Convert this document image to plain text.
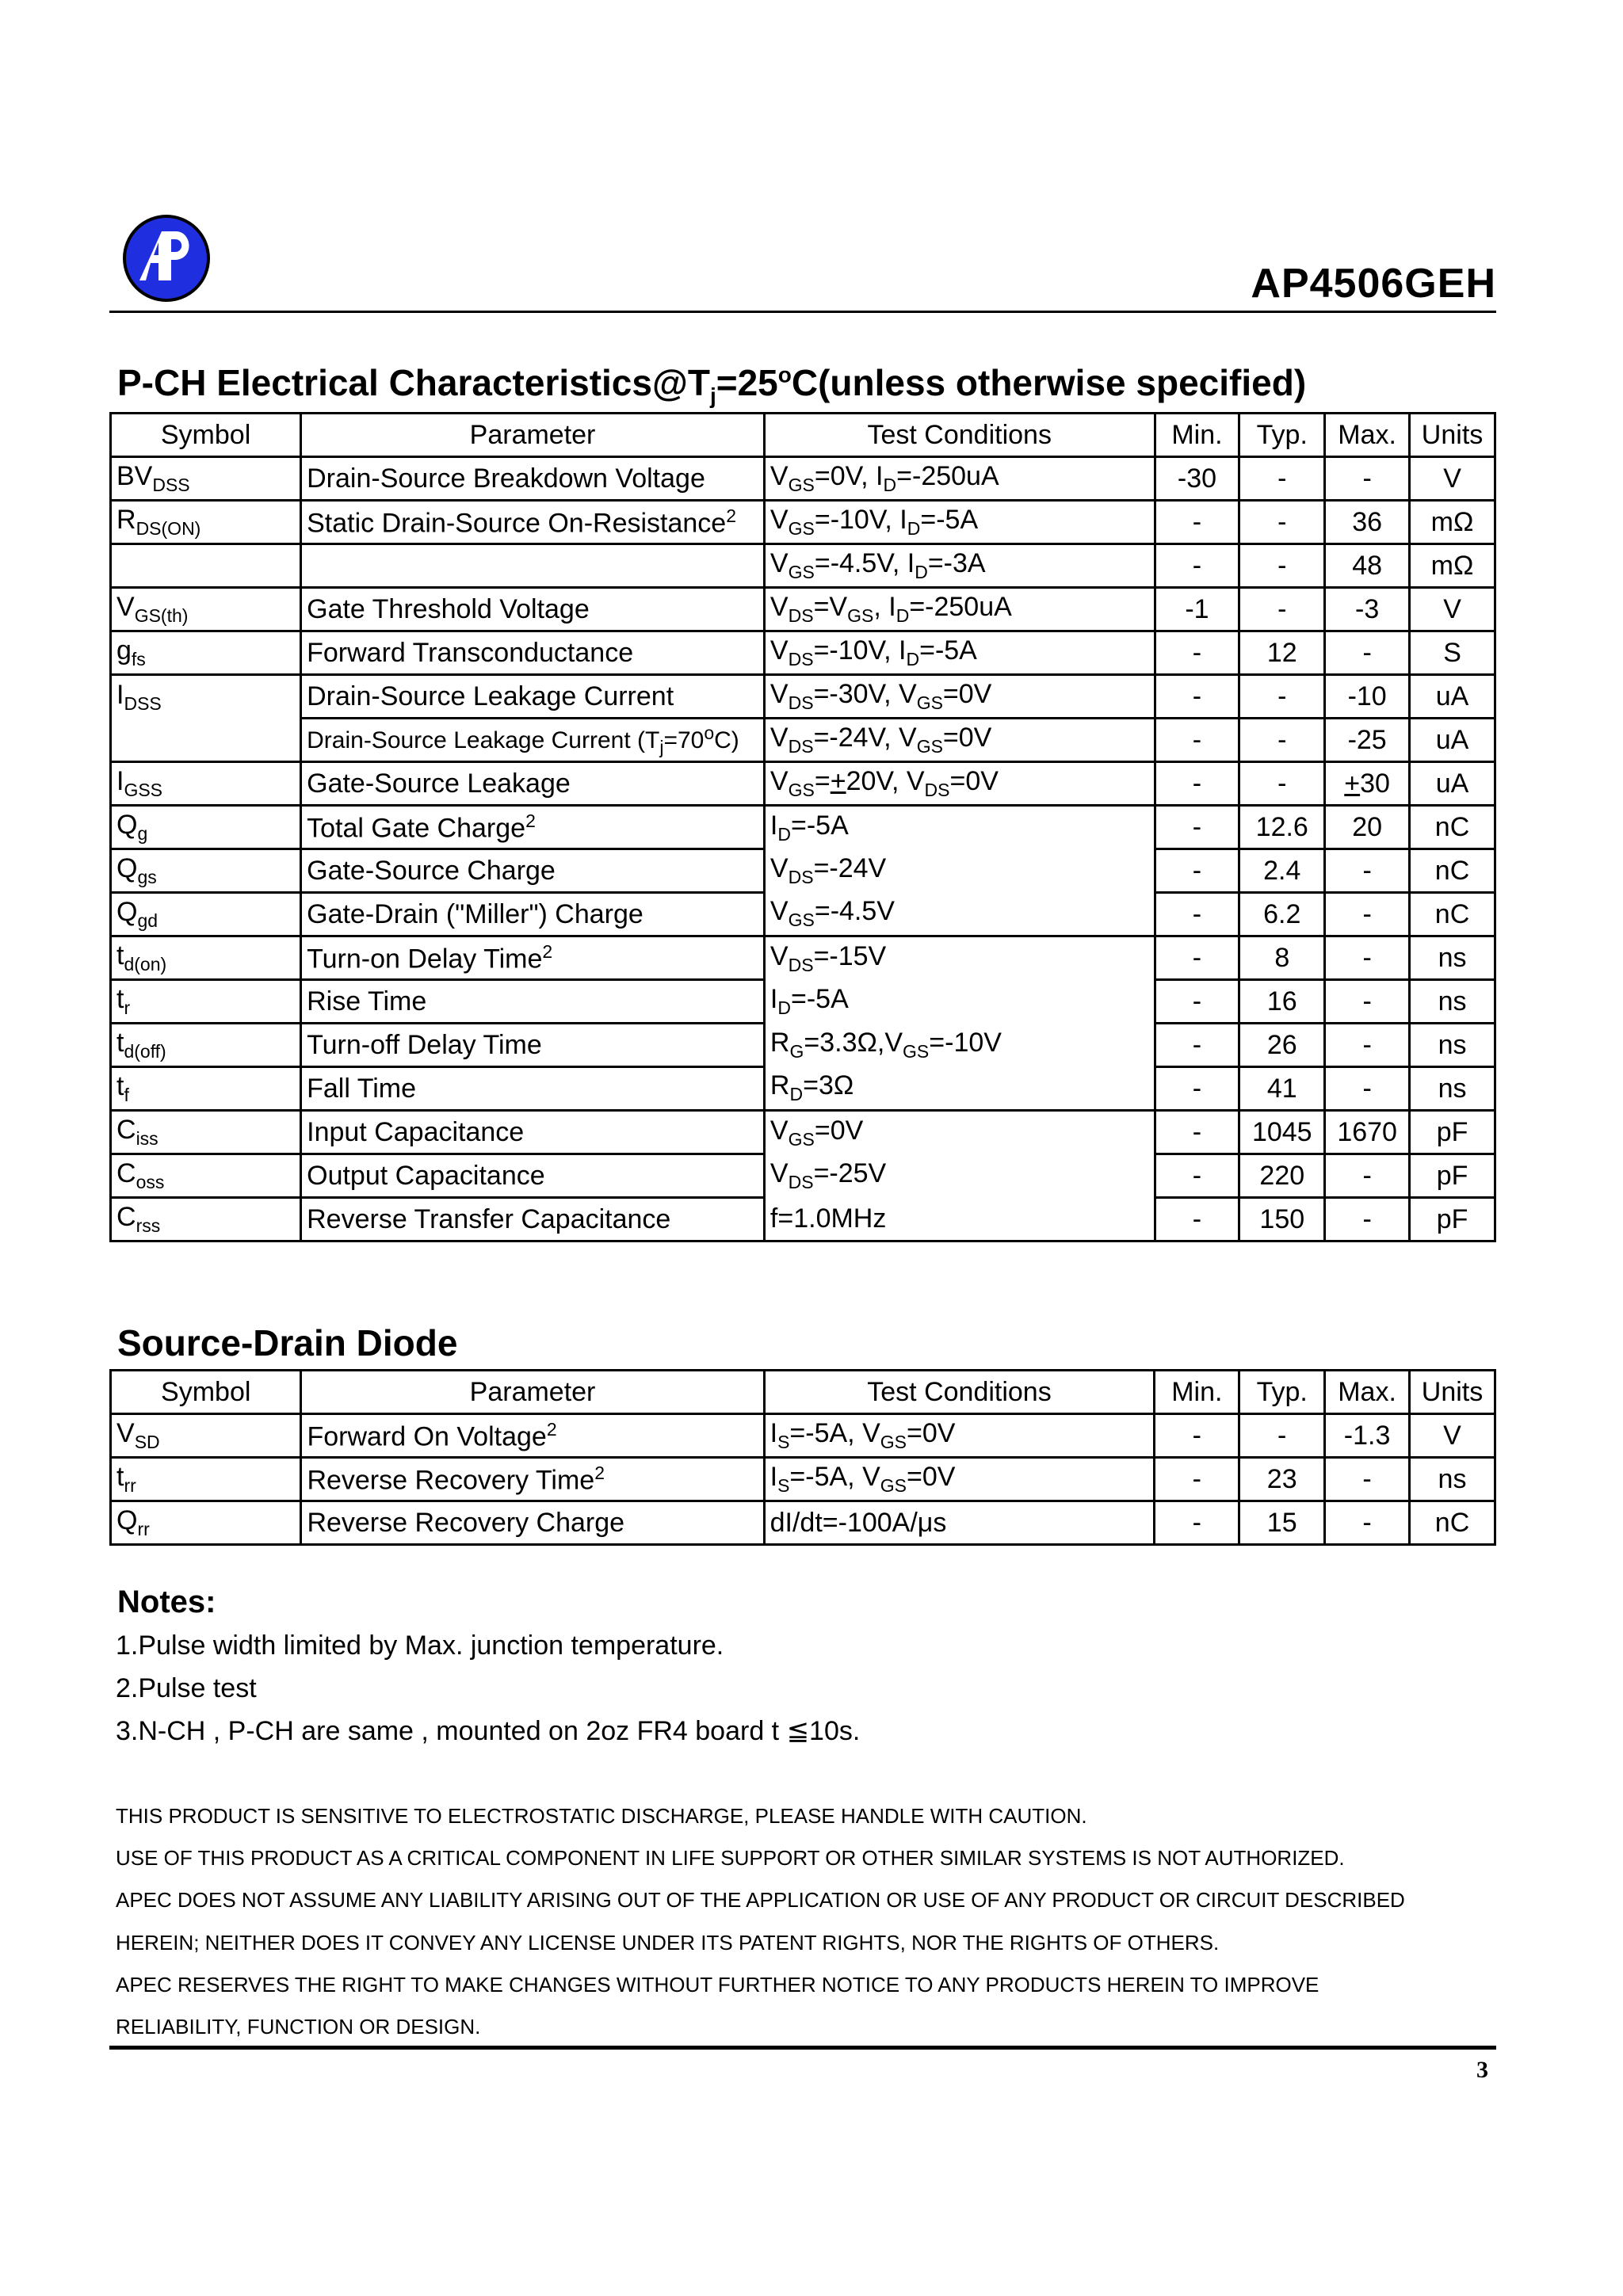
AP4506GEH
P-CH Electrical $Characteristics@T_j=25^oC(unless$ otherwise specified)
Symbol	Parameter	Test Conditions	Min.	Typ.	Max.	Units
$BV_{DSS}$	Drain-Source Breakdown Voltage	$V_{GS}=0V$, $I_D=-250uA$	-30	-	-	V
$R_{DS(ON)}$	Static Drain-Source On-Resistance$^2$	$V_{GS}=-10V$, $I_D=-5A$	-	-	36	mΩ
		$V_{GS}=-4.5V$, $I_D=-3A$	-	-	48	mΩ
$V_{GS(th)}$	Gate Threshold Voltage	$V_{DS}=V_{GS}$, $I_D=-250uA$	-1	-	-3	V
$g_{fs}$	Forward Transconductance	$V_{DS}=-10V$, $I_D=-5A$	-	12	-	S
$I_{DSS}$	Drain-Source Leakage Current	$V_{DS}=-30V$, $V_{GS}=0V$	-	-	-10	uA
	Drain-Source Leakage Current $(T_j=70^oC)$	$V_{DS}=-24V$, $V_{GS}=0V$	-	-	-25	uA
$I_{GSS}$	Gate-Source Leakage	$V_{GS}=+20V$, $V_{DS}=0V$	-	-	+30	uA
$Q_g$	Total Gate Charge$^2$	$I_D=-5A$	-	12.6	20	nC
$Q_{gs}$	Gate-Source Charge	$V_{DS}=-24V$	-	2.4	-	nC
$Q_{gd}$	Gate-Drain ("Miller") Charge	$V_{GS}=-4.5V$	-	6.2	-	nC
$t_{d(on)}$	Turn-on Delay Time$^2$	$V_{DS}=-15V$	-	8	-	ns
$t_r$	Rise Time	$I_D=-5A$	-	16	-	ns
$t_{d(off)}$	Turn-off Delay Time	$R_G=3.3\Omega,V_{GS}=-10V$	-	26	-	ns
$t_f$	Fall Time	$R_D=3\Omega$	-	41	-	ns
$C_{iss}$	Input Capacitance	$V_{GS}=0V$	-	1045	1670	pF
$C_{oss}$	Output Capacitance	$V_{DS}=-25V$	-	220	-	pF
$C_{rss}$	Reverse Transfer Capacitance	f=1.0MHz	-	150	-	pF
Source-Drain Diode
Symbol	Parameter	Test Conditions	Min.	Typ.	Max.	Units
$V_{SD}$	Forward On Voltage$^2$	$I_S=-5A$, $V_{GS}=0V$	-	-	-1.3	V
$t_{rr}$	Reverse Recovery Time$^2$	$I_S=-5A$, $V_{GS}=0V$	-	23	-	ns
$Q_{rr}$	Reverse Recovery Charge	dI/dt=-100A/μs	-	15	-	nC
Notes:
1.Pulse width limited by Max. junction temperature.
2.Pulse test
3.N-CH , P-CH are same , mounted on 2oz FR4 board t ≦10s.
THIS PRODUCT IS SENSITIVE TO ELECTROSTATIC DISCHARGE, PLEASE HANDLE WITH CAUTION.
USE OF THIS PRODUCT AS A CRITICAL COMPONENT IN LIFE SUPPORT OR OTHER SIMILAR SYSTEMS IS NOT AUTHORIZED.
APEC DOES NOT ASSUME ANY LIABILITY ARISING OUT OF THE APPLICATION OR USE OF ANY PRODUCT OR CIRCUIT DESCRIBED
HEREIN; NEITHER DOES IT CONVEY ANY LICENSE UNDER ITS PATENT RIGHTS, NOR THE RIGHTS OF OTHERS.
APEC RESERVES THE RIGHT TO MAKE CHANGES WITHOUT FURTHER NOTICE TO ANY PRODUCTS HEREIN TO IMPROVE
RELIABILITY, FUNCTION OR DESIGN.
3
